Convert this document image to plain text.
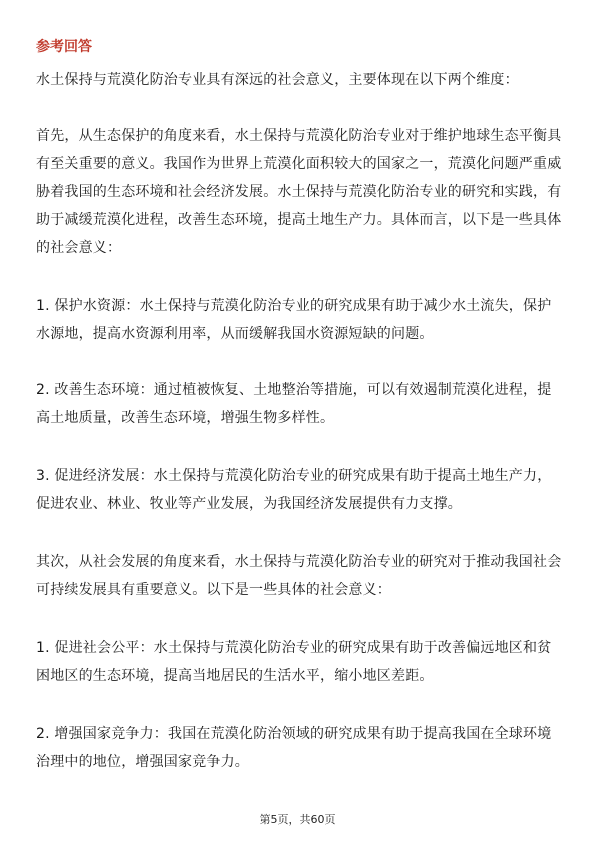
参考回答

水土保持与荒漠化防治专业具有深远的社会意义，主要体现在以下两个维度：

首先，从生态保护的角度来看，水土保持与荒漠化防治专业对于维护地球生态平衡具有至关重要的意义。我国作为世界上荒漠化面积较大的国家之一，荒漠化问题严重威胁着我国的生态环境和社会经济发展。水土保持与荒漠化防治专业的研究和实践，有助于减缓荒漠化进程，改善生态环境，提高土地生产力。具体而言，以下是一些具体的社会意义：

1. 保护水资源：水土保持与荒漠化防治专业的研究成果有助于减少水土流失，保护水源地，提高水资源利用率，从而缓解我国水资源短缺的问题。

2. 改善生态环境：通过植被恢复、土地整治等措施，可以有效遏制荒漠化进程，提高土地质量，改善生态环境，增强生物多样性。

3. 促进经济发展：水土保持与荒漠化防治专业的研究成果有助于提高土地生产力，促进农业、林业、牧业等产业发展，为我国经济发展提供有力支撑。

其次，从社会发展的角度来看，水土保持与荒漠化防治专业的研究对于推动我国社会可持续发展具有重要意义。以下是一些具体的社会意义：

1. 促进社会公平：水土保持与荒漠化防治专业的研究成果有助于改善偏远地区和贫困地区的生态环境，提高当地居民的生活水平，缩小地区差距。

2. 增强国家竞争力：我国在荒漠化防治领域的研究成果有助于提高我国在全球环境治理中的地位，增强国家竞争力。

第5页，共60页
